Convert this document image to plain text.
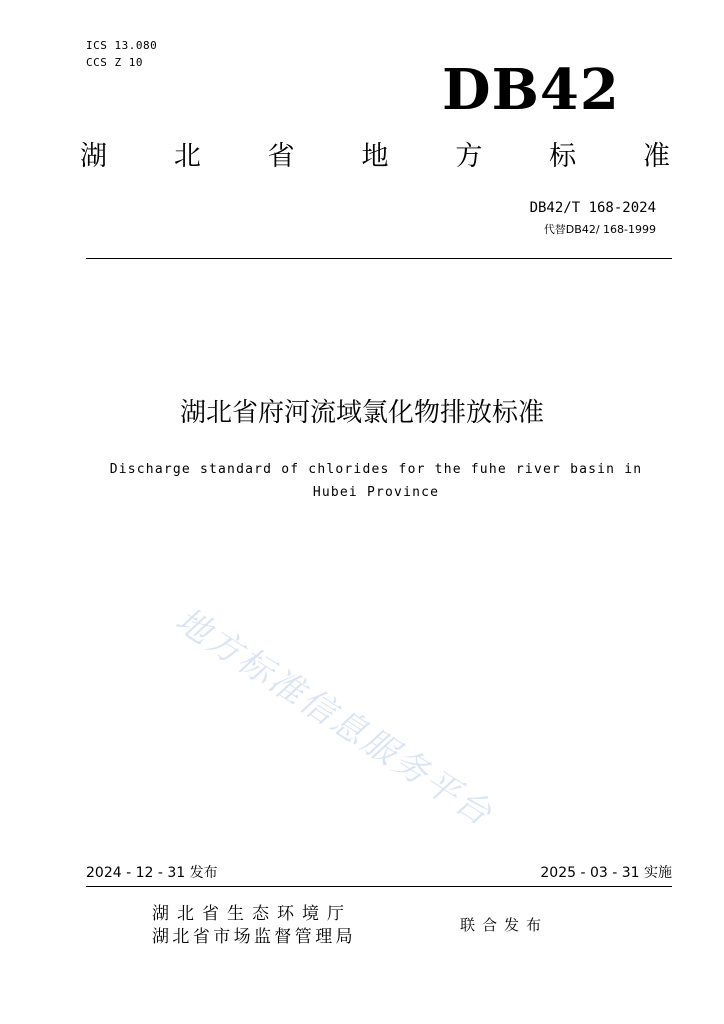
ICS 13.080
CCS Z 10	DB42
湖 北 省 地 方 标 准
DB42/T 168-2024
代替DB42/ 168-1999
湖北省府河流域氯化物排放标准
Discharge standard of chlorides for the fuhe river basin in Hubei Province
地方标准信息服务平台
2024 - 12 - 31 发布	2025 - 03 - 31 实施
湖北省生态环境厅
湖北省市场监督管理局
联合发布
